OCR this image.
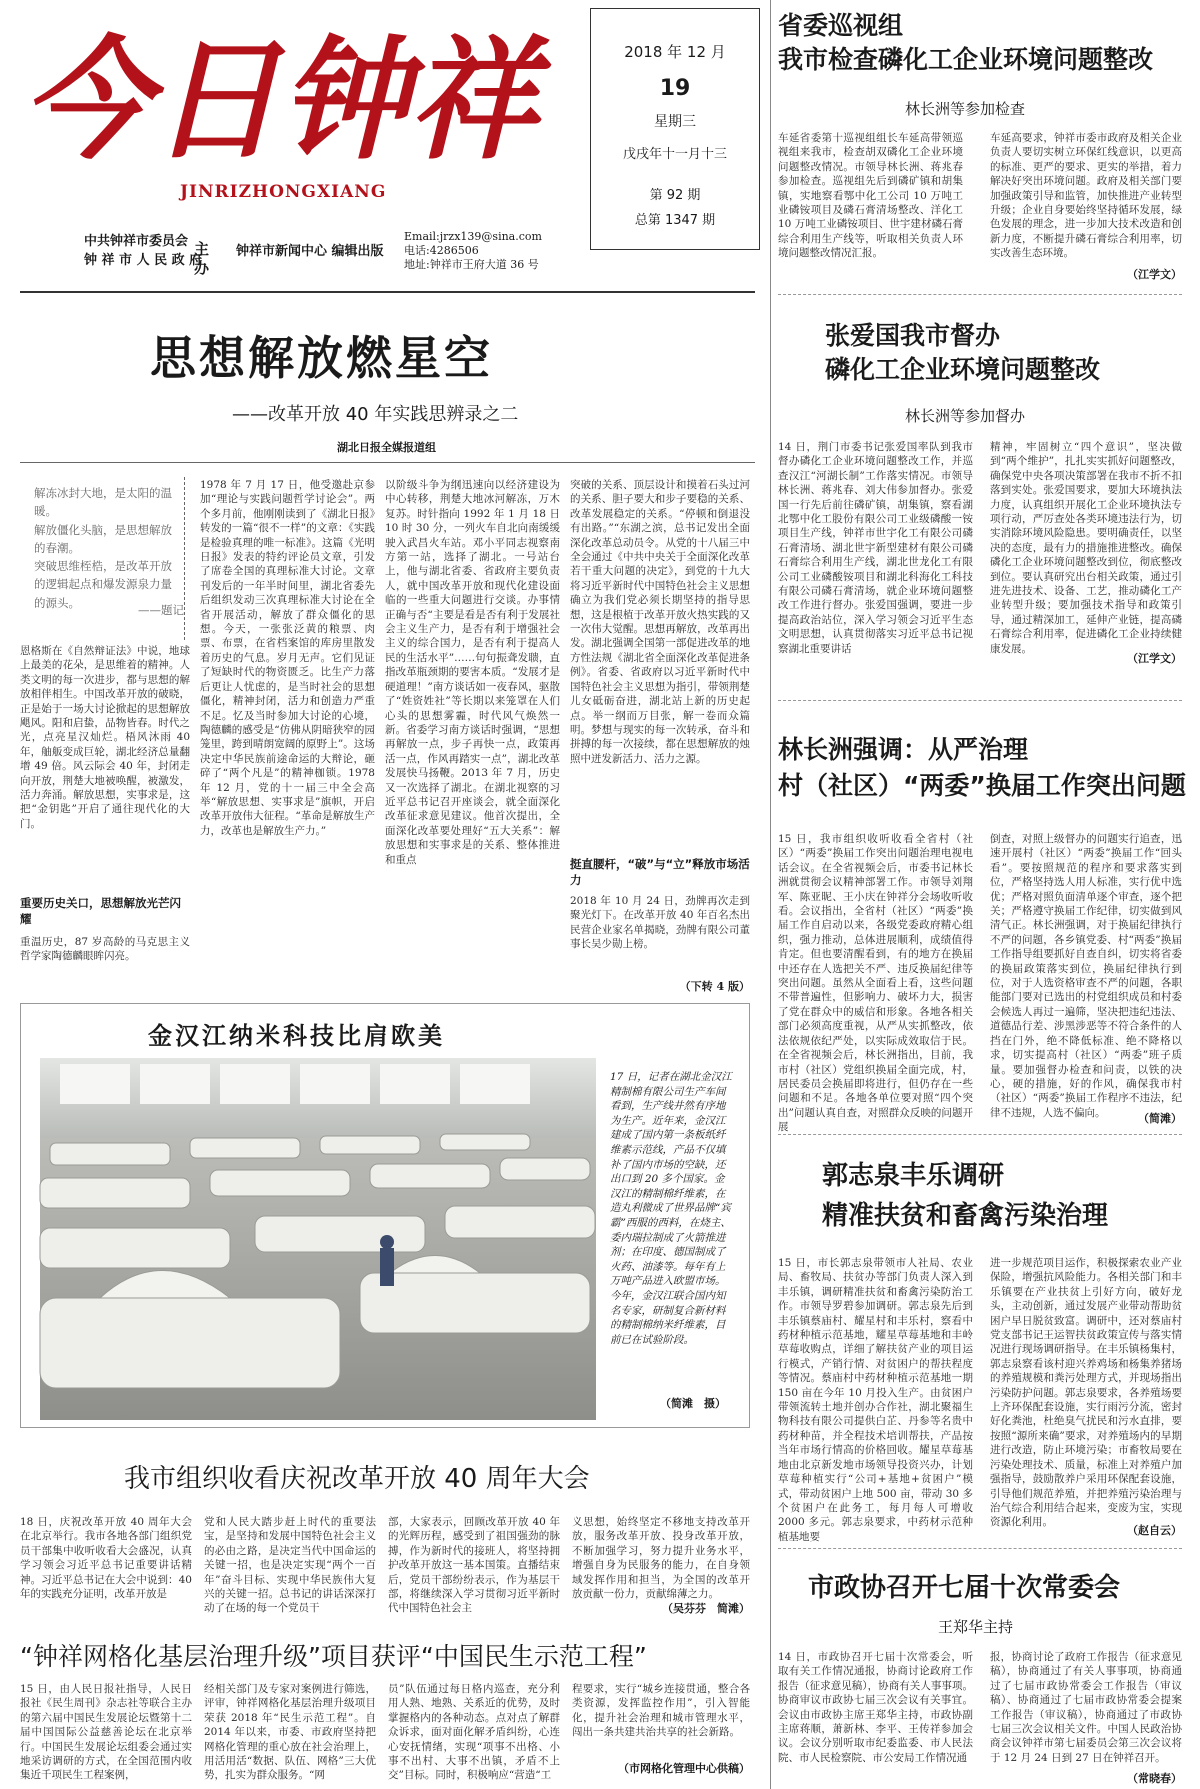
今日钟祥
JINRIZHONGXIANG
中共钟祥市委员会
钟 祥 市 人 民 政 府
主办
钟祥市新闻中心 编辑出版
Email:jrzx139@sina.com
电话:4286506
地址:钟祥市王府大道 36 号
2018 年 12 月
19
星期三
戊戌年十一月十三
第 92 期
总第 1347 期
思想解放燃星空
——改革开放 40 年实践思辨录之二
湖北日报全媒报道组
解冻冰封大地，是太阳的温暖。
解放僵化头脑，是思想解放的春潮。
突破思维桎梏，是改革开放的逻辑起点和爆发源泉力量的源头。
——题记
恩格斯在《自然辩证法》中说，地球上最美的花朵，是思维着的精神。人类文明的每一次进步，都与思想的解放相伴相生。中国改革开放的破晓，正是始于一场大讨论掀起的思想解放飓风。阳和启蛰，品物皆春。时代之光，点亮星汉灿烂。梧风沐雨 40 年，舳舨变成巨轮，湖北经济总量翻增 49 倍。风云际会 40 年，封闭走向开放，荆楚大地被唤醒，被激发，活力奔涌。解放思想，实事求是，这把“金钥匙”开启了通往现代化的大门。
重要历史关口，思想解放光芒闪耀
重温历史，87 岁高龄的马克思主义哲学家陶德麟眼眸闪亮。
1978 年 7 月 17 日，他受邀赴京参加“理论与实践问题哲学讨论会”。两个多月前，他刚刚读到了《湖北日报》转发的一篇“很不一样”的文章：《实践是检验真理的唯一标准》。这篇《光明日报》发表的特约评论员文章，引发了席卷全国的真理标准大讨论。文章刊发后的一年半时间里，湖北省委先后组织发动三次真理标准大讨论在全省开展活动，解放了群众僵化的思想。今天，一张张泛黄的粮票、肉票、布票，在省档案馆的库房里散发着历史的气息。岁月无声。它们见证了短缺时代的物资匮乏。比生产力落后更让人忧虑的，是当时社会的思想僵化，精神封闭，活力和创造力严重不足。忆及当时参加大讨论的心境，陶德麟的感受是“仿佛从阴暗狭窄的园笼里，跨到晴朗宽阔的原野上”。这场决定中华民族前途命运的大辩论，砸碎了“两个凡是”的精神枷锁。1978 年 12 月，党的十一届三中全会高举“解放思想、实事求是”旗帜，开启改革开放伟大征程。“革命是解放生产力，改革也是解放生产力。”
以阶级斗争为纲迅速向以经济建设为中心转移，荆楚大地冰河解冻，万木复苏。时针指向 1992 年 1 月 18 日 10 时 30 分，一列火车自北向南缓缓驶入武昌火车站。邓小平同志视察南方第一站，选择了湖北。一号站台上，他与湖北省委、省政府主要负责人，就中国改革开放和现代化建设面临的一些重大问题进行交谈。办事情正确与否“主要是看是否有利于发展社会主义生产力，是否有利于增强社会主义的综合国力，是否有利于提高人民的生活水平”……句句振聋发聩，直指改革瓶颈期的要害本质。“发展才是硬道理！”南方谈话如一夜春风，驱散了“姓资姓社”等长期以来笼罩在人们心头的思想雾霾，时代风气焕然一新。省委学习南方谈话时强调，“思想再解放一点，步子再快一点，政策再活一点，作风再踏实一点”，湖北改革发展快马扬鞭。2013 年 7 月，历史又一次选择了湖北。在湖北视察的习近平总书记召开座谈会，就全面深化改革征求意见建议。他首次提出，全面深化改革要处理好“五大关系”：解放思想和实事求是的关系、整体推进和重点
突破的关系、顶层设计和摸着石头过河的关系、胆子要大和步子要稳的关系、改革发展稳定的关系。“停顿和倒退没有出路。”“东湖之滨，总书记发出全面深化改革总动员令。从党的十八届三中全会通过《中共中央关于全面深化改革若干重大问题的决定》，到党的十九大将习近平新时代中国特色社会主义思想确立为我们党必须长期坚持的指导思想，这是根植于改革开放火热实践的又一次伟大觉醒。思想再解放，改革再出发。湖北强调全国第一部促进改革的地方性法规《湖北省全面深化改革促进条例》。省委、省政府以习近平新时代中国特色社会主义思想为指引，带领荆楚儿女砥砺奋进，湖北站上新的历史起点。举一纲而万目张，解一卷而众篇明。梦想与现实的每一次转承，奋斗和拼搏的每一次接续，都在思想解放的烛照中迸发新活力、活力之源。
挺直腰杆，“破”与“立”释放市场活力
2018 年 10 月 24 日，劲牌再次走到聚光灯下。在改革开放 40 年百名杰出民营企业家名单揭晓，劲牌有限公司董事长吴少勋上榜。
（下转 4 版）
金汉江纳米科技比肩欧美
17 日，记者在湖北金汉江精制棉有限公司生产车间看到，生产线井然有序地为生产。近年来，金汉江建成了国内第一条板纸纤维素示范线，产品不仅填补了国内市场的空缺，还出口到 20 多个国家。金汉江的精制棉纤维素，在造丸利微成了世界品牌“宾霸”西服的西料，在烧主、委内瑞拉制成了火箭推进剂；在印度、德国制成了火药、油漆等。每年有上万吨产品进入欧盟市场。今年，金汉江联合国内知名专家，研制复合新材料的精制棉纳米纤维素，目前已在试验阶段。
（简滩　摄）
我市组织收看庆祝改革开放 40 周年大会
18 日，庆祝改革开放 40 周年大会在北京举行。我市各地各部门组织党员干部集中收听收看大会盛况，认真学习领会习近平总书记重要讲话精神。习近平总书记在大会中说到：40 年的实践充分证明，改革开放是
党和人民大踏步赶上时代的重要法宝，是坚持和发展中国特色社会主义的必由之路，是决定当代中国命运的关键一招，也是决定实现“两个一百年”奋斗目标、实现中华民族伟大复兴的关键一招。总书记的讲话深深打动了在场的每一个党员干
部，大家表示，回顾改革开放 40 年的光辉历程，感受到了祖国强劲的脉搏，作为新时代的接班人，将坚持拥护改革开放这一基本国策。直播结束后，党员干部纷纷表示，作为基层干部，将继续深入学习贯彻习近平新时代中国特色社会主
义思想，始终坚定不移地支持改革开放，服务改革开放、投身改革开放，不断加强学习，努力提升业务水平，增强自身为民服务的能力，在自身领域发挥作用和担当，为全国的改革开放贡献一份力，贡献绵薄之力。
（吴芬芬　简滩）
“钟祥网格化基层治理升级”项目获评“中国民生示范工程”
15 日，由人民日报社指导，人民日报社《民生周刊》杂志社等联合主办的第六届中国民生发展论坛暨第十二届中国国际公益慈善论坛在北京举行。中国民生发展论坛组委会通过实地采访调研的方式，在全国范围内收集近千项民生工程案例，
经相关部门及专家对案例进行筛选，评审，钟祥网格化基层治理升级项目荣获 2018 年“民生示范工程”。自 2014 年以来，市委、市政府坚持把网格化管理的重心放在社会治理上，用活用活“数据、队伍、网格”三大优势，扎实为群众服务。“网
员”队伍通过每日格内巡查，充分利用人熟、地熟、关系近的优势，及时掌握格内的各种动态。点对点了解群众诉求，面对面化解矛盾纠纷，心连心安抚情绪，实现“项事不出格、小事不出村、大事不出镇，矛盾不上交”目标。同时，积极响应“营造“工
程要求，实行“城乡连接贯通，整合各类资源，发挥监控作用”，引入智能化，提升社会治理和城市管理水平，闯出一条共建共治共享的社会新路。
（市网格化管理中心供稿）
省委巡视组
我市检查磷化工企业环境问题整改
林长洲等参加检查
车延省委第十巡视组组长车延高带领巡视组来我市，检查胡双磷化工企业环境问题整改情况。市领导林长洲、蒋兆春参加检查。巡视组先后到磷矿镇和胡集镇，实地察看鄂中化工公司 10 万吨工业磷铵项目及磷石膏清场整改、洋化工 10 万吨工业磷铵项目、世宇建材磷石膏综合利用生产线等，听取相关负责人环境问题整改情况汇报。
车延高要求，钟祥市委市政府及相关企业负责人要切实树立环保红线意识，以更高的标准、更严的要求、更实的举措，着力解决好突出环境问题。政府及相关部门要加强政策引导和监管，加快推进产业转型升级；企业自身要始终坚持循环发展，绿色发展的理念，进一步加大技术改造和创新力度，不断提升磷石膏综合利用率，切实改善生态环境。
（江学文）
张爱国我市督办
磷化工企业环境问题整改
林长洲等参加督办
14 日，荆门市委书记张爱国率队到我市督办磷化工企业环境问题整改工作，并巡查汉江“河湖长制”工作落实情况。市领导林长洲、蒋兆春、刘大伟参加督办。张爱国一行先后前往磷矿镇，胡集镇，察看湖北鄂中化工股份有限公司工业级磷酸一铵项目生产线，钟祥市世宇化工有限公司磷石膏清场、湖北世宇新型建材有限公司磷石膏综合利用生产线，湖北世龙化工有限公司工业磷酸铵项目和湖北科海化工科技有限公司磷石膏清场，就企业环境问题整改工作进行督办。张爱国强调，要进一步提高政治站位，深入学习领会习近平生态文明思想，认真贯彻落实习近平总书记视察湖北重要讲话
精神，牢固树立“四个意识”，坚决做到“两个维护”，扎扎实实抓好问题整改，确保党中央各项决策部署在我市不折不扣落到实处。张爱国要求，要加大环境执法力度，认真组织开展化工企业环境执法专项行动，严厉查处各类环境违法行为，切实消除环境风险隐患。要明确责任，以坚决的态度，最有力的措施推进整改。确保磷化工企业环境问题整改到位，彻底整改到位。要认真研究出台相关政策，通过引进先进技术、设备、工艺，推动磷化工产业转型升级；要加强技术指导和政策引导，通过精深加工，延伸产业链，提高磷石膏综合利用率，促进磷化工企业持续健康发展。
（江学文）
林长洲强调：从严治理
村（社区）“两委”换届工作突出问题
15 日，我市组织收听收看全省村（社区）“两委”换届工作突出问题治理电视电话会议。在全省视频会后，市委书记林长洲就贯彻会议精神部署工作。市领导刘翔军、陈亚昵、王小庆在钟祥分会场收听收看。会议指出，全省村（社区）“两委”换届工作自启动以来，各级党委政府精心组织，强力推动，总体进展顺利，成绩值得肯定。但也要清醒看到，有的地方在换届中还存在人选把关不严、违反换届纪律等突出问题。虽然从全面看上看，这些问题不带普遍性，但影响力、破坏力大，损害了党在群众中的威信和形象。各地各相关部门必须高度重视，从严从实抓整改，依法依规依纪严处，以实际成效取信于民。在全省视频会后，林长洲指出，目前，我市村（社区）党组织换届全面完成，村，居民委员会换届即将进行，但仍存在一些问题和不足。各地各单位要对照“四个突出”问题认真自查，对照群众反映的问题开展
倒查，对照上级督办的问题实行追查，迅速开展村（社区）“两委”换届工作“回头看”。要按照规范的程序和要求落实到位，严格坚持选人用人标准，实行优中选优；严格对照负面清单逐个审查，逐个把关；严格遵守换届工作纪律，切实做到风清气正。林长洲强调，对于换届纪律执行不严的问题，各乡镇党委、村“两委”换届工作指导组要抓好自查自纠，切实将省委的换届政策落实到位，换届纪律执行到位，对于人选资格审查不严的问题，各职能部门要对已选出的村党组织成员和村委会候选人再过一遍筛，坚决把违纪违法、道德品行差、涉黑涉恶等不符合条件的人挡在门外，绝不降低标准、绝不降格以求，切实提高村（社区）“两委”班子质量。要加强督办检查和问责，以铁的决心，硬的措施，好的作风，确保我市村（社区）“两委”换届工作程序不违法，纪律不违规，人选不偏向。	（简滩）
郭志泉丰乐调研
精准扶贫和畜禽污染治理
15 日，市长郭志泉带领市人社局、农业局、畜牧局、扶贫办等部门负责人深入到丰乐镇，调研精准扶贫和畜禽污染防治工作。市领导罗碧参加调研。郭志泉先后到丰乐镇蔡庙村、耀星村和丰乐村，察看中药材种植示范基地，耀星草莓基地和丰岭草莓收购点，详细了解扶贫产业的项目运行模式，产销行情、对贫困户的帮扶程度等情况。蔡庙村中药材种植示范基地一期 150 亩在今年 10 月投入生产。由贫困户带领流转土地并创办合作社，湖北聚福生物科技有限公司提供白芷、丹参等名贵中药材种苗，并全程技术培训帮扶，产品按当年市场行情高的价格回收。耀星草莓基地由北京新发地市场领导投资兴办，计划草莓种植实行“公司+基地+贫困户”模式，带动贫困户上地 500 亩，带动 30 多个贫困户在此务工，每月每人可增收 2000 多元。郭志泉要求，中药材示范种植基地要
进一步规范项目运作，积极探索农业产业保险，增强抗风险能力。各相关部门和丰乐镇要在产业扶贫上引好方向，破好龙头，主动创新，通过发展产业带动帮助贫困户早日脱贫致富。调研中，还对蔡庙村党支部书记王运智扶贫政策宣传与落实情况进行现场调研指导。在丰乐镇杨集村，郭志泉察看该村迎兴养鸡场和杨集养猪场的养殖规模和粪污处理方式，并现场指出污染防护问题。郭志泉要求，各养殖场要上齐环保配套设施，实行雨污分流，密封好化粪池，杜绝臭气扰民和污水直排，要按照“源所来确”要求，对养殖场内的早期进行改造，防止环境污染；市畜牧局要在污染处理技术、质量，标准上对养殖户加强指导，鼓励散养户采用环保配套设施，引导他们规范养殖，并把养殖污染治理与治气综合利用结合起来，变废为宝，实现资源化利用。
（赵自云）
市政协召开七届十次常委会
王郑华主持
14 日，市政协召开七届十次常委会，听取有关工作情况通报，协商讨论政府工作报告（征求意见稿），协商有关人事事项。协商审议市政协七届三次会议有关事宜。会议由市政协主席王郑华主持，市政协副主席蒋顺，萧新林、李平、王传祥参加会议。会议分别听取市纪委监委、市人民法院、市人民检察院、市公安局工作情况通
报，协商讨论了政府工作报告（征求意见稿），协商通过了有关人事事项，协商通过了七届市政协常委会工作报告（审议稿）、协商通过了七届市政协常委会提案工作报告（审议稿），协商通过了市政协七届三次会议相关文件。中国人民政治协商会议钟祥市第七届委员会第三次会议将于 12 月 24 日到 27 日在钟祥召开。
（常晓春）
